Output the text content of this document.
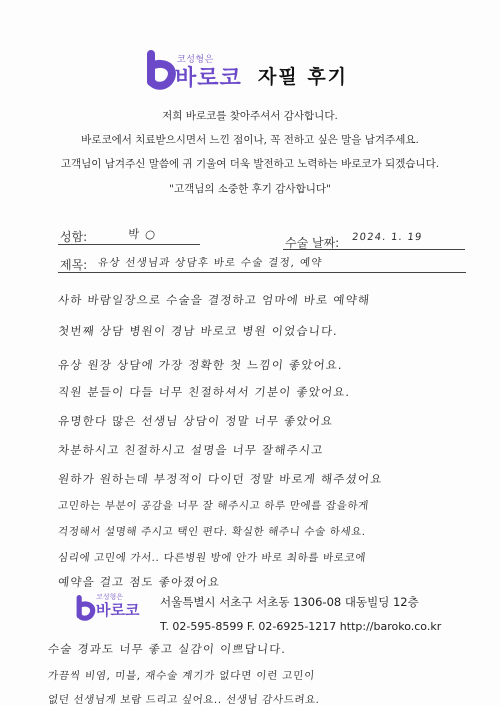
코성형은
바로코 자필 후기
저희 바로코를 찾아주셔서 감사합니다.
바로코에서 치료받으시면서 느낀 점이나, 꼭 전하고 싶은 말을 남겨주세요.
고객님이 남겨주신 말씀에 귀 기울여 더욱 발전하고 노력하는 바로코가 되겠습니다.
"고객님의 소중한 후기 감사합니다"
성함:	박 ○
수술 날짜: 2024. 1. 19
제목: 유상 선생님과 상담후 바로 수술 결정, 예약
사하 바람일장으로 수술을 결정하고 엄마에 바로 예약해
첫번째 상담 병원이 경남 바로코 병원 이었습니다.
유상 원장 상담에 가장 정확한 첫 느낌이 좋았어요.
직원 분들이 다들 너무 친절하셔서 기분이 좋았어요.
유명한다 많은 선생님 상담이 정말 너무 좋았어요
차분하시고 친절하시고 설명을 너무 잘해주시고
원하가 원하는데 부정적이 다이던 정말 바로게 해주셨어요
고민하는 부분이 공감을 너무 잘 해주시고 하루 만에를 잡을하게
걱정해서 설명해 주시고 택인 편다. 확실한 해주니 수술 하세요.
심리에 고민에 가서.. 다른병원 방에 안가 바로 최하를 바로코에
예약을 걸고 점도 좋아졌어요
코성형은
바로코 서울특별시 서초구 서초동 1306-08 대동빌딩 12층
T. 02-595-8599 F. 02-6925-1217 http://baroko.co.kr
수술 경과도 너무 좋고 실감이 이쁘답니다.
가끔씩 비염, 미블, 재수술 계기가 없다면 이런 고민이
없던 선생님게 보람 드리고 싶어요.. 선생님 감사드려요.
